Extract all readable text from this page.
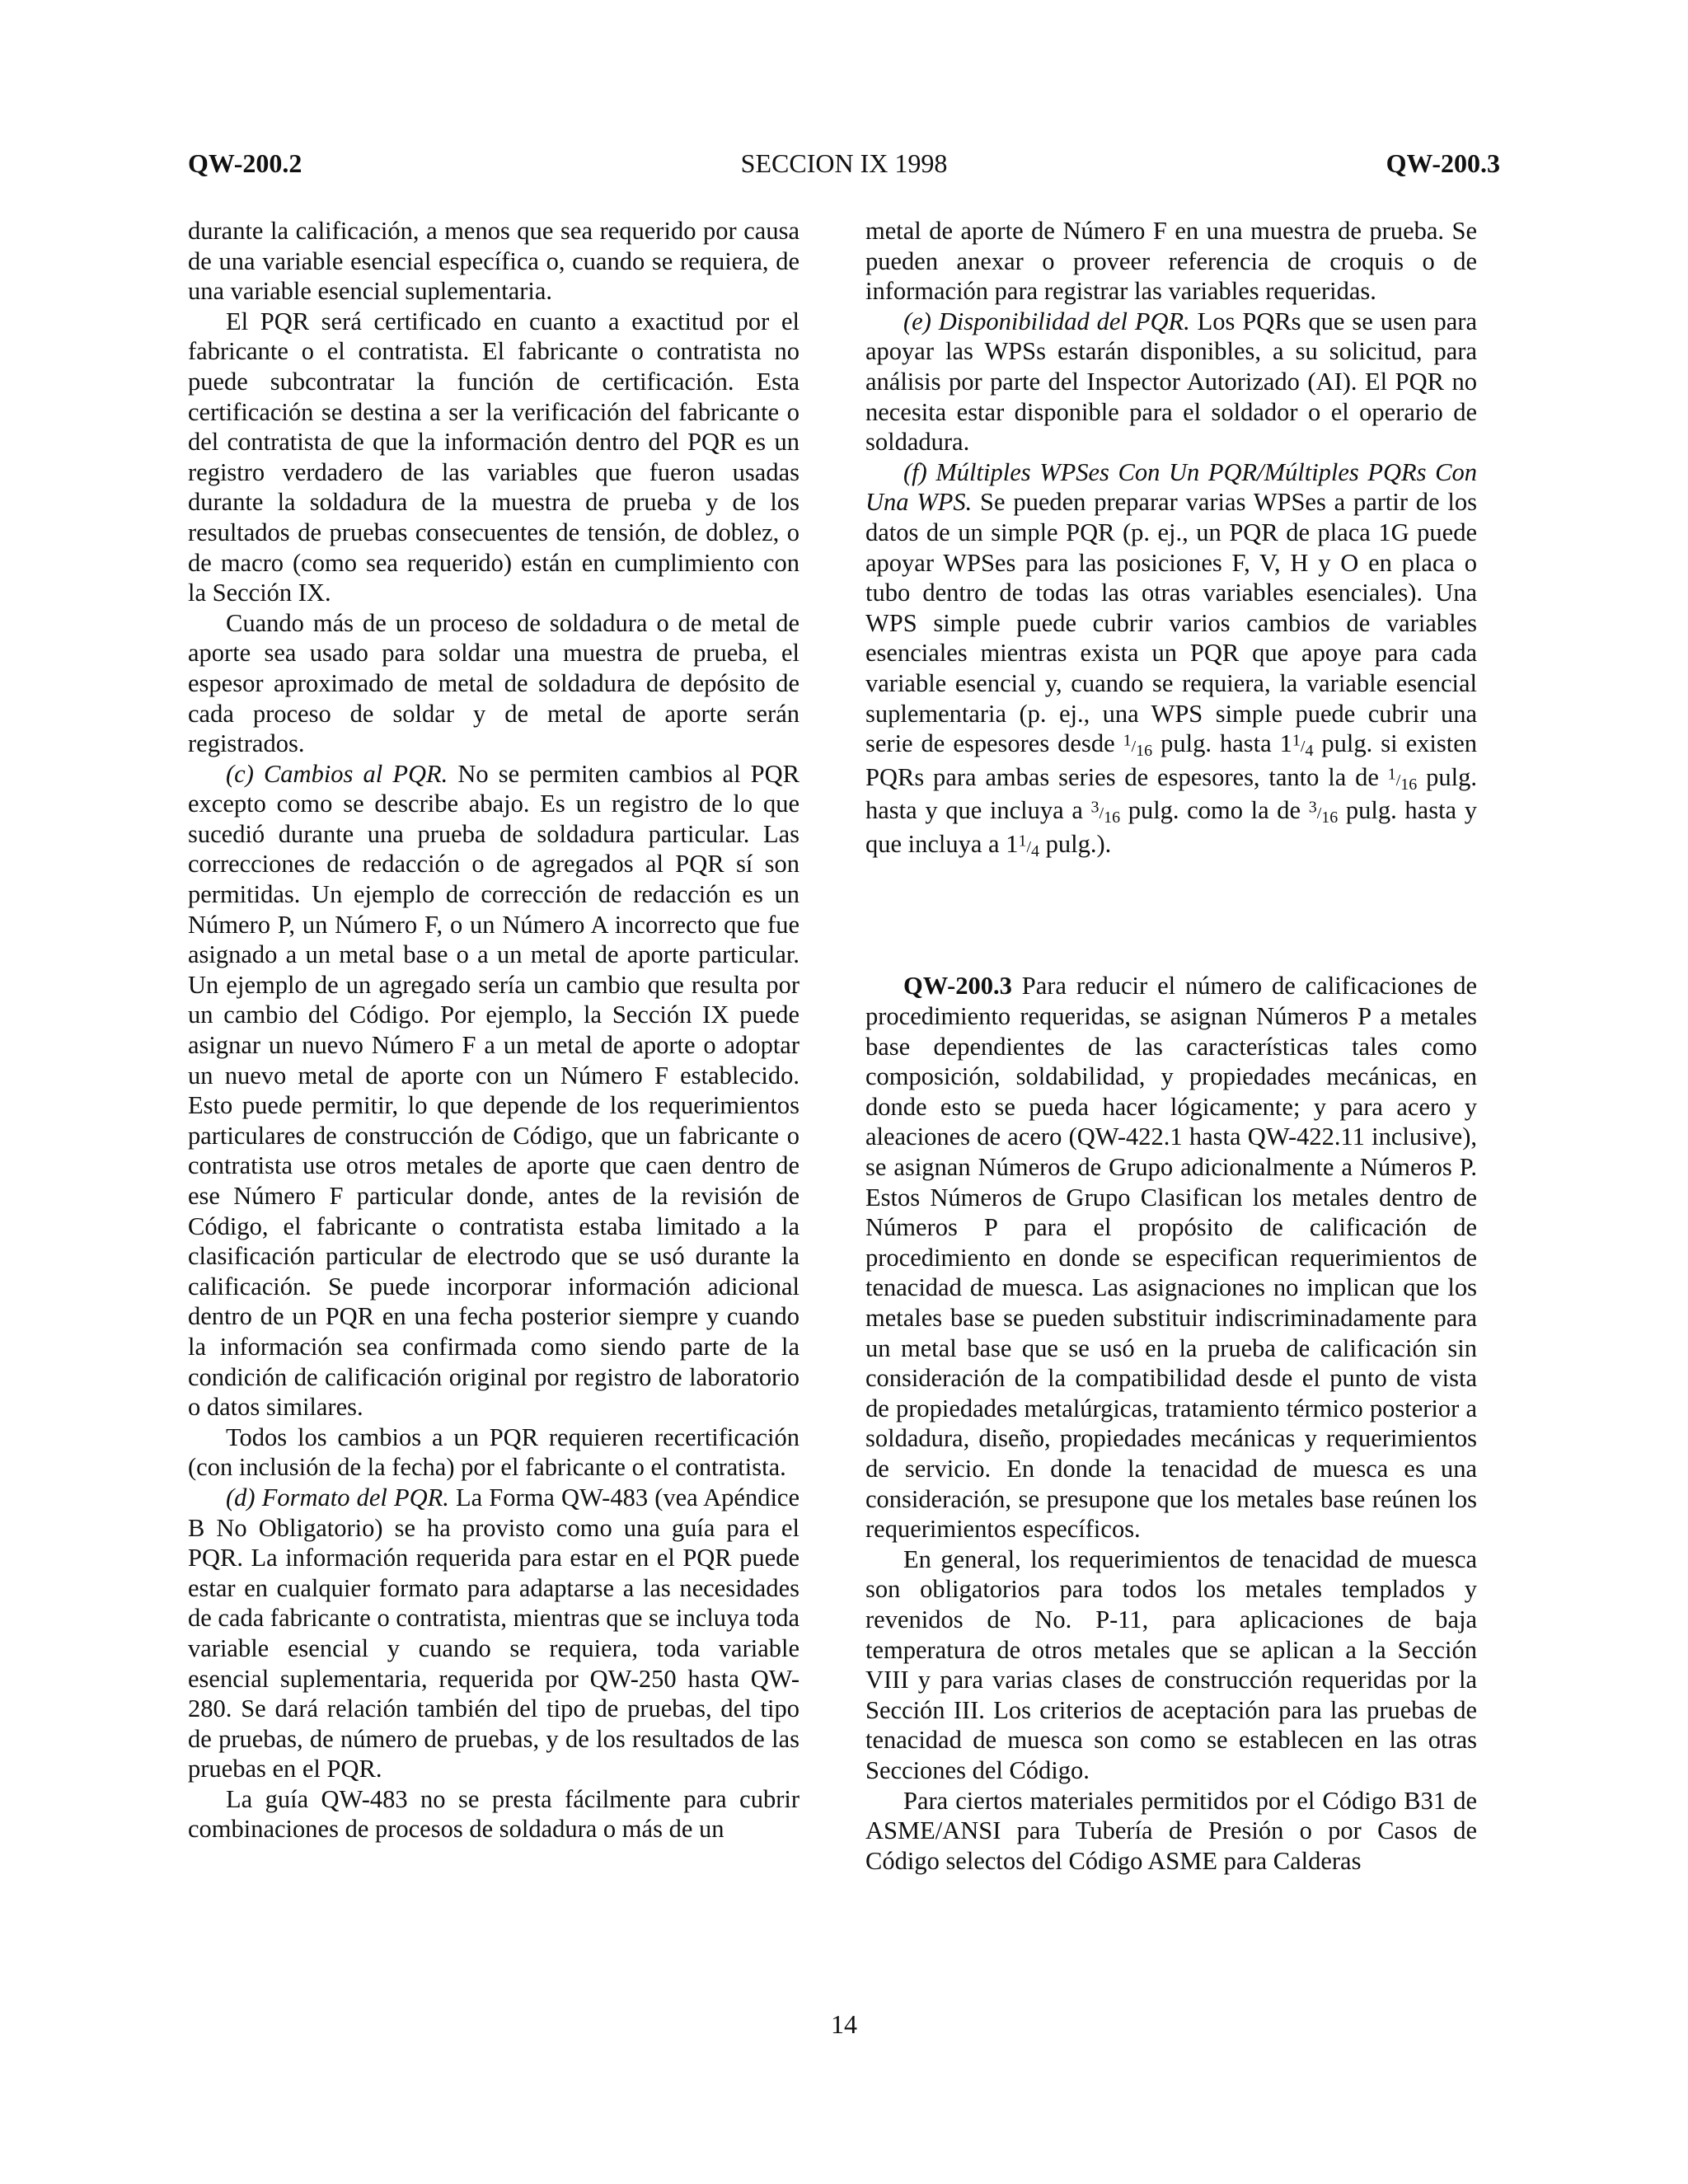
QW-200.2	SECCION IX 1998	QW-200.3

durante la calificación, a menos que sea requerido por causa de una variable esencial específica o, cuando se requiera, de una variable esencial suplementaria.

El PQR será certificado en cuanto a exactitud por el fabricante o el contratista. El fabricante o contratista no puede subcontratar la función de certificación. Esta certificación se destina a ser la verificación del fabricante o del contratista de que la información dentro del PQR es un registro verdadero de las variables que fueron usadas durante la soldadura de la muestra de prueba y de los resultados de pruebas consecuentes de tensión, de doblez, o de macro (como sea requerido) están en cumplimiento con la Sección IX.

Cuando más de un proceso de soldadura o de metal de aporte sea usado para soldar una muestra de prueba, el espesor aproximado de metal de soldadura de depósito de cada proceso de soldar y de metal de aporte serán registrados.

(c) Cambios al PQR. No se permiten cambios al PQR excepto como se describe abajo. Es un registro de lo que sucedió durante una prueba de soldadura particular. Las correcciones de redacción o de agregados al PQR sí son permitidas. Un ejemplo de corrección de redacción es un Número P, un Número F, o un Número A incorrecto que fue asignado a un metal base o a un metal de aporte particular. Un ejemplo de un agregado sería un cambio que resulta por un cambio del Código. Por ejemplo, la Sección IX puede asignar un nuevo Número F a un metal de aporte o adoptar un nuevo metal de aporte con un Número F establecido. Esto puede permitir, lo que depende de los requerimientos particulares de construcción de Código, que un fabricante o contratista use otros metales de aporte que caen dentro de ese Número F particular donde, antes de la revisión de Código, el fabricante o contratista estaba limitado a la clasificación particular de electrodo que se usó durante la calificación. Se puede incorporar información adicional dentro de un PQR en una fecha posterior siempre y cuando la información sea confirmada como siendo parte de la condición de calificación original por registro de laboratorio o datos similares.

Todos los cambios a un PQR requieren recertificación (con inclusión de la fecha) por el fabricante o el contratista.

(d) Formato del PQR. La Forma QW-483 (vea Apéndice B No Obligatorio) se ha provisto como una guía para el PQR. La información requerida para estar en el PQR puede estar en cualquier formato para adaptarse a las necesidades de cada fabricante o contratista, mientras que se incluya toda variable esencial y cuando se requiera, toda variable esencial suplementaria, requerida por QW-250 hasta QW-280. Se dará relación también del tipo de pruebas, del tipo de pruebas, de número de pruebas, y de los resultados de las pruebas en el PQR.

La guía QW-483 no se presta fácilmente para cubrir combinaciones de procesos de soldadura o más de un

metal de aporte de Número F en una muestra de prueba. Se pueden anexar o proveer referencia de croquis o de información para registrar las variables requeridas.

(e) Disponibilidad del PQR. Los PQRs que se usen para apoyar las WPSs estarán disponibles, a su solicitud, para análisis por parte del Inspector Autorizado (AI). El PQR no necesita estar disponible para el soldador o el operario de soldadura.

(f) Múltiples WPSes Con Un PQR/Múltiples PQRs Con Una WPS. Se pueden preparar varias WPSes a partir de los datos de un simple PQR (p. ej., un PQR de placa 1G puede apoyar WPSes para las posiciones F, V, H y O en placa o tubo dentro de todas las otras variables esenciales). Una WPS simple puede cubrir varios cambios de variables esenciales mientras exista un PQR que apoye para cada variable esencial y, cuando se requiera, la variable esencial suplementaria (p. ej., una WPS simple puede cubrir una serie de espesores desde $^1/_{16}$ pulg. hasta $1^1/_4$ pulg. si existen PQRs para ambas series de espesores, tanto la de $^1/_{16}$ pulg. hasta y que incluya a $^3/_{16}$ pulg. como la de $^3/_{16}$ pulg. hasta y que incluya a $1^1/_4$ pulg.).

QW-200.3 Para reducir el número de calificaciones de procedimiento requeridas, se asignan Números P a metales base dependientes de las características tales como composición, soldabilidad, y propiedades mecánicas, en donde esto se pueda hacer lógicamente; y para acero y aleaciones de acero (QW-422.1 hasta QW-422.11 inclusive), se asignan Números de Grupo adicionalmente a Números P. Estos Números de Grupo Clasifican los metales dentro de Números P para el propósito de calificación de procedimiento en donde se especifican requerimientos de tenacidad de muesca. Las asignaciones no implican que los metales base se pueden substituir indiscriminadamente para un metal base que se usó en la prueba de calificación sin consideración de la compatibilidad desde el punto de vista de propiedades metalúrgicas, tratamiento térmico posterior a soldadura, diseño, propiedades mecánicas y requerimientos de servicio. En donde la tenacidad de muesca es una consideración, se presupone que los metales base reúnen los requerimientos específicos.

En general, los requerimientos de tenacidad de muesca son obligatorios para todos los metales templados y revenidos de No. P-11, para aplicaciones de baja temperatura de otros metales que se aplican a la Sección VIII y para varias clases de construcción requeridas por la Sección III. Los criterios de aceptación para las pruebas de tenacidad de muesca son como se establecen en las otras Secciones del Código.

Para ciertos materiales permitidos por el Código B31 de ASME/ANSI para Tubería de Presión o por Casos de Código selectos del Código ASME para Calderas

14
